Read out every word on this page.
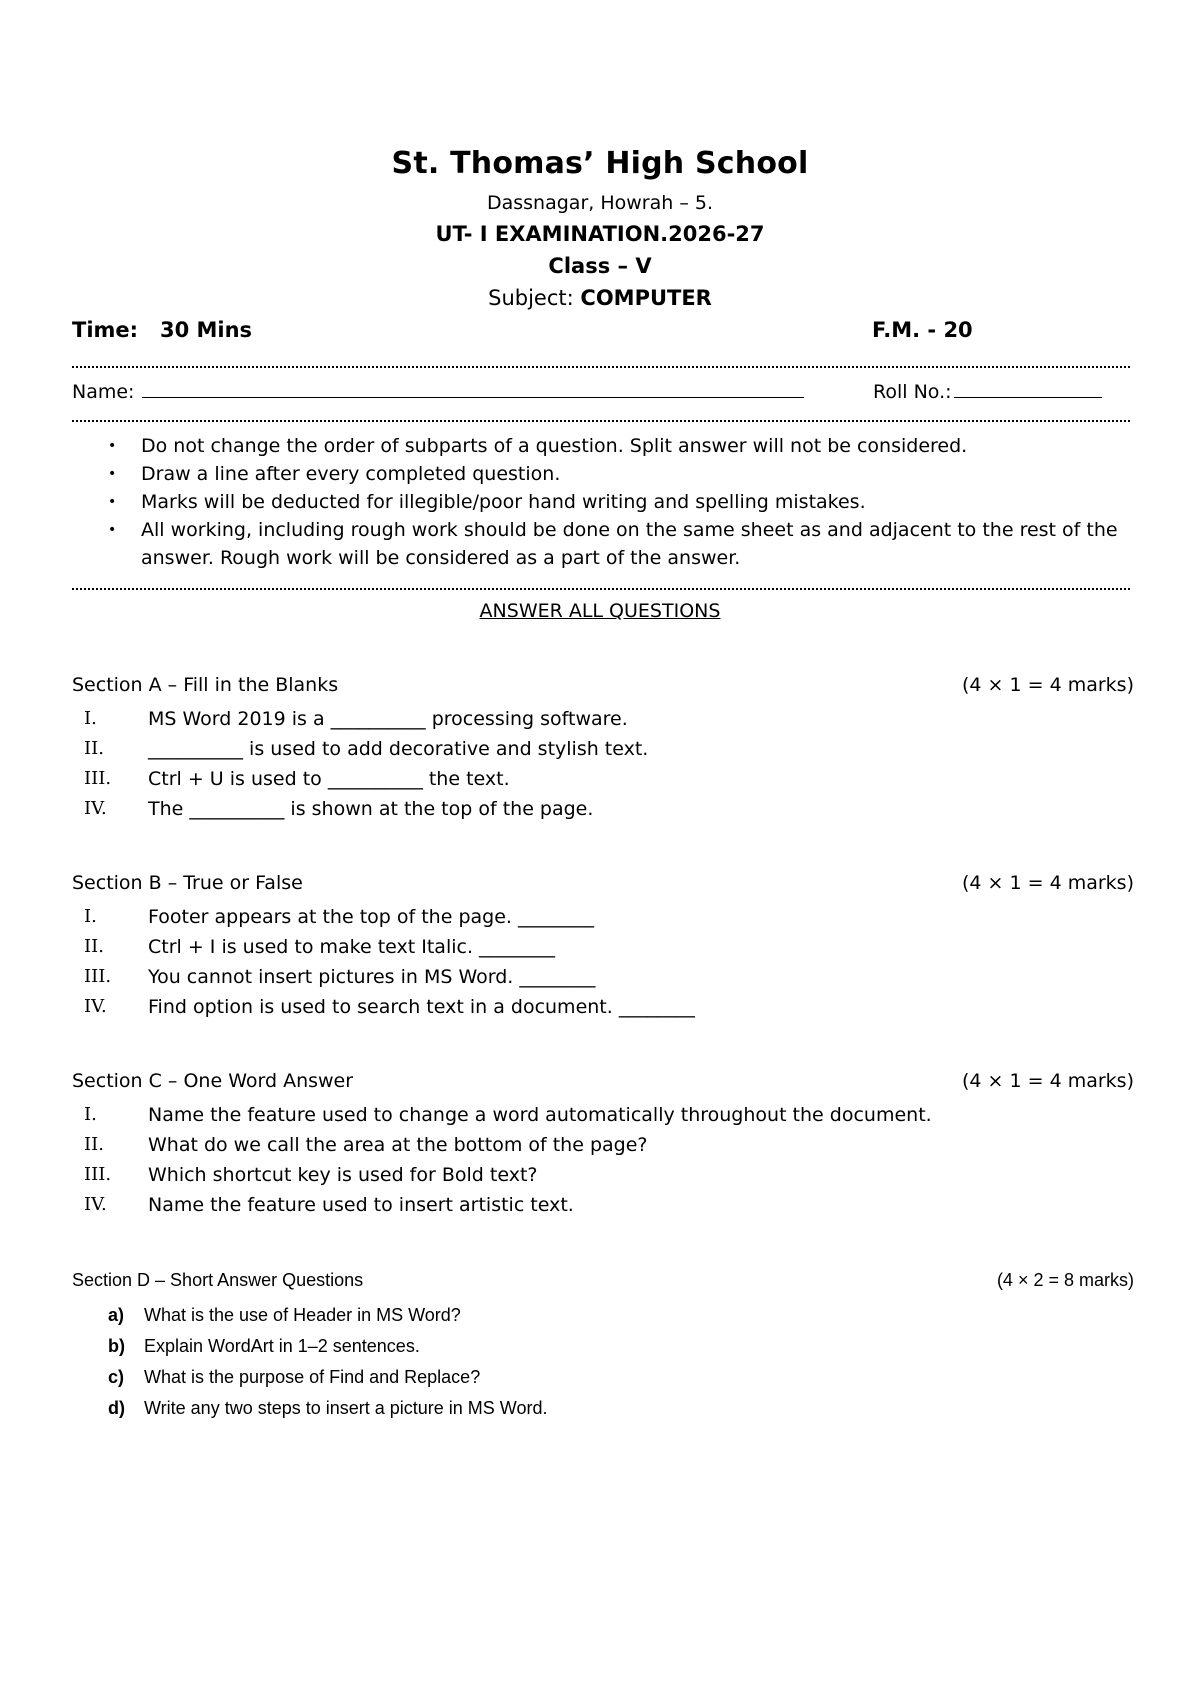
St. Thomas’ High School
Dassnagar, Howrah – 5.
UT- I EXAMINATION.2026-27
Class – V
Subject: COMPUTER
Time:   30 Mins	F.M. - 20
Name:	Roll No.:
• Do not change the order of subparts of a question. Split answer will not be considered.
• Draw a line after every completed question.
• Marks will be deducted for illegible/poor hand writing and spelling mistakes.
• All working, including rough work should be done on the same sheet as and adjacent to the rest of the answer. Rough work will be considered as a part of the answer.
ANSWER ALL QUESTIONS
Section A – Fill in the Blanks	(4 × 1 = 4 marks)
I.	MS Word 2019 is a __________ processing software.
II. __________ is used to add decorative and stylish text.
III. Ctrl + U is used to __________ the text.
IV. The __________ is shown at the top of the page.
Section B – True or False	(4 × 1 = 4 marks)
I.	Footer appears at the top of the page. ________
II. Ctrl + I is used to make text Italic. ________
III. You cannot insert pictures in MS Word. ________
IV. Find option is used to search text in a document. ________
Section C – One Word Answer	(4 × 1 = 4 marks)
I.	Name the feature used to change a word automatically throughout the document.
II. What do we call the area at the bottom of the page?
III. Which shortcut key is used for Bold text?
IV. Name the feature used to insert artistic text.
Section D – Short Answer Questions	(4 × 2 = 8 marks)
a) What is the use of Header in MS Word?
b) Explain WordArt in 1–2 sentences.
c) What is the purpose of Find and Replace?
d) Write any two steps to insert a picture in MS Word.
